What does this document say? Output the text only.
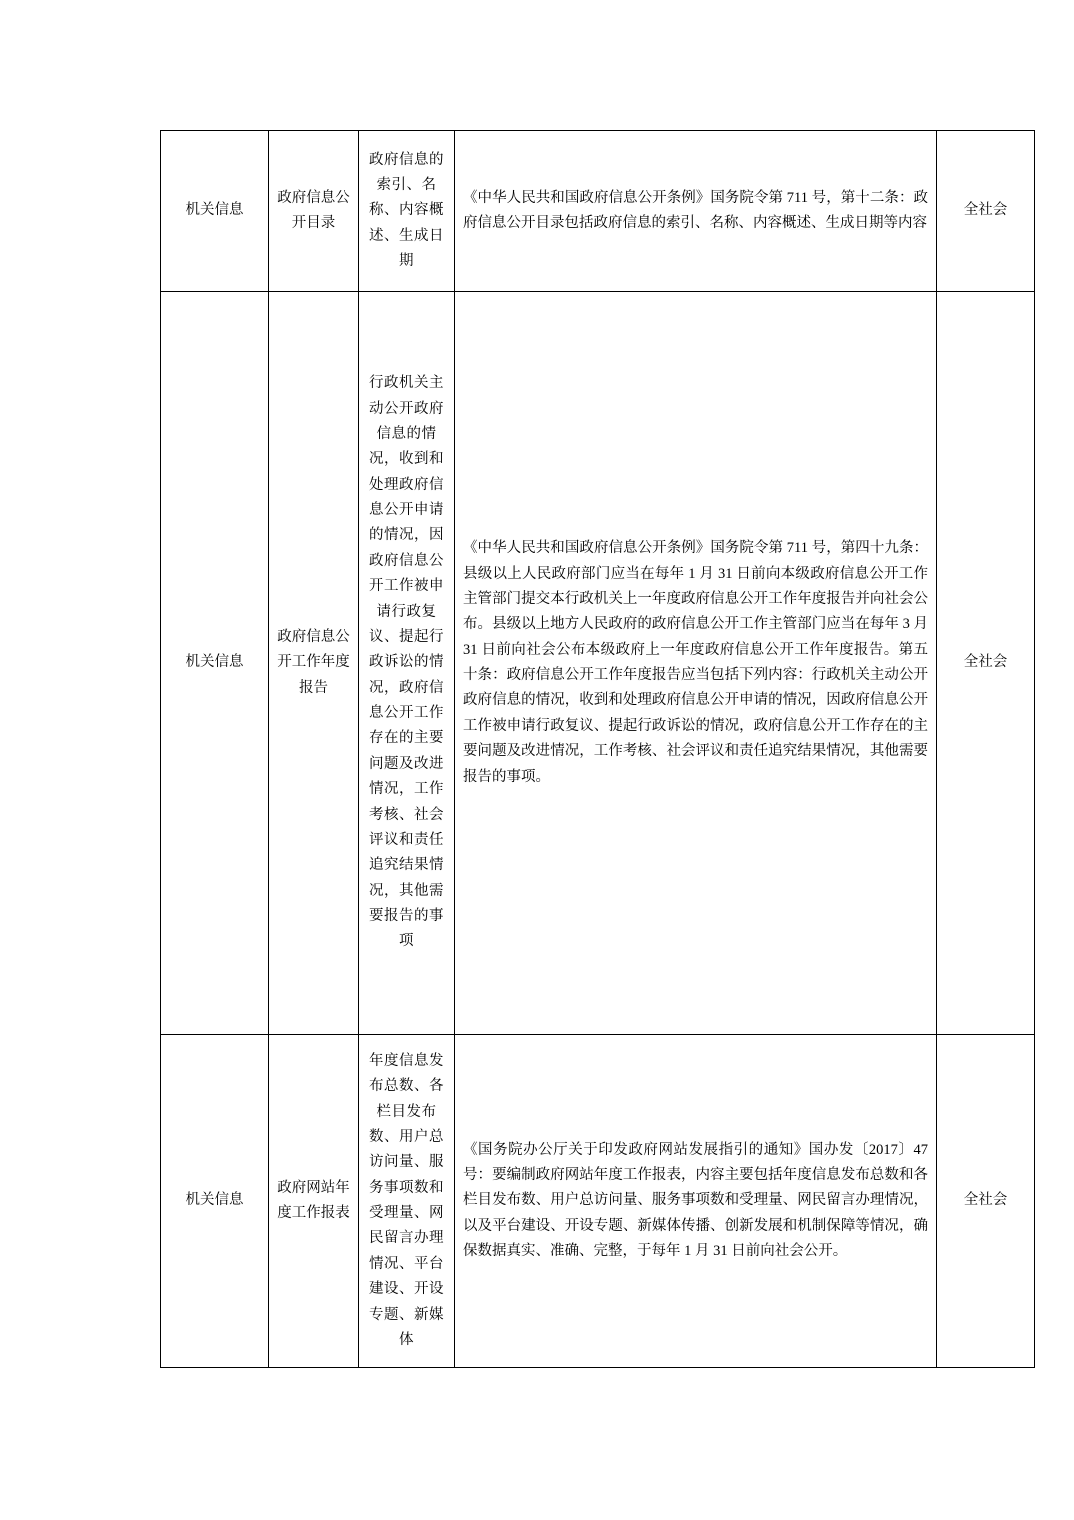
机关信息	政府信息公开目录	政府信息的索引、名称、内容概述、生成日期	《中华人民共和国政府信息公开条例》国务院令第 711 号，第十二条：政府信息公开目录包括政府信息的索引、名称、内容概述、生成日期等内容	全社会
机关信息	政府信息公开工作年度报告	行政机关主动公开政府信息的情况，收到和处理政府信息公开申请的情况，因政府信息公开工作被申请行政复议、提起行政诉讼的情况，政府信息公开工作存在的主要问题及改进情况，工作考核、社会评议和责任追究结果情况，其他需要报告的事项	《中华人民共和国政府信息公开条例》国务院令第 711 号，第四十九条：县级以上人民政府部门应当在每年 1 月 31 日前向本级政府信息公开工作主管部门提交本行政机关上一年度政府信息公开工作年度报告并向社会公布。县级以上地方人民政府的政府信息公开工作主管部门应当在每年 3 月 31 日前向社会公布本级政府上一年度政府信息公开工作年度报告。第五十条：政府信息公开工作年度报告应当包括下列内容：行政机关主动公开政府信息的情况，收到和处理政府信息公开申请的情况，因政府信息公开工作被申请行政复议、提起行政诉讼的情况，政府信息公开工作存在的主要问题及改进情况，工作考核、社会评议和责任追究结果情况，其他需要报告的事项。	全社会
机关信息	政府网站年度工作报表	年度信息发布总数、各栏目发布数、用户总访问量、服务事项数和受理量、网民留言办理情况、平台建设、开设专题、新媒体	《国务院办公厅关于印发政府网站发展指引的通知》国办发〔2017〕47 号：要编制政府网站年度工作报表，内容主要包括年度信息发布总数和各栏目发布数、用户总访问量、服务事项数和受理量、网民留言办理情况，以及平台建设、开设专题、新媒体传播、创新发展和机制保障等情况，确保数据真实、准确、完整，于每年 1 月 31 日前向社会公开。	全社会
